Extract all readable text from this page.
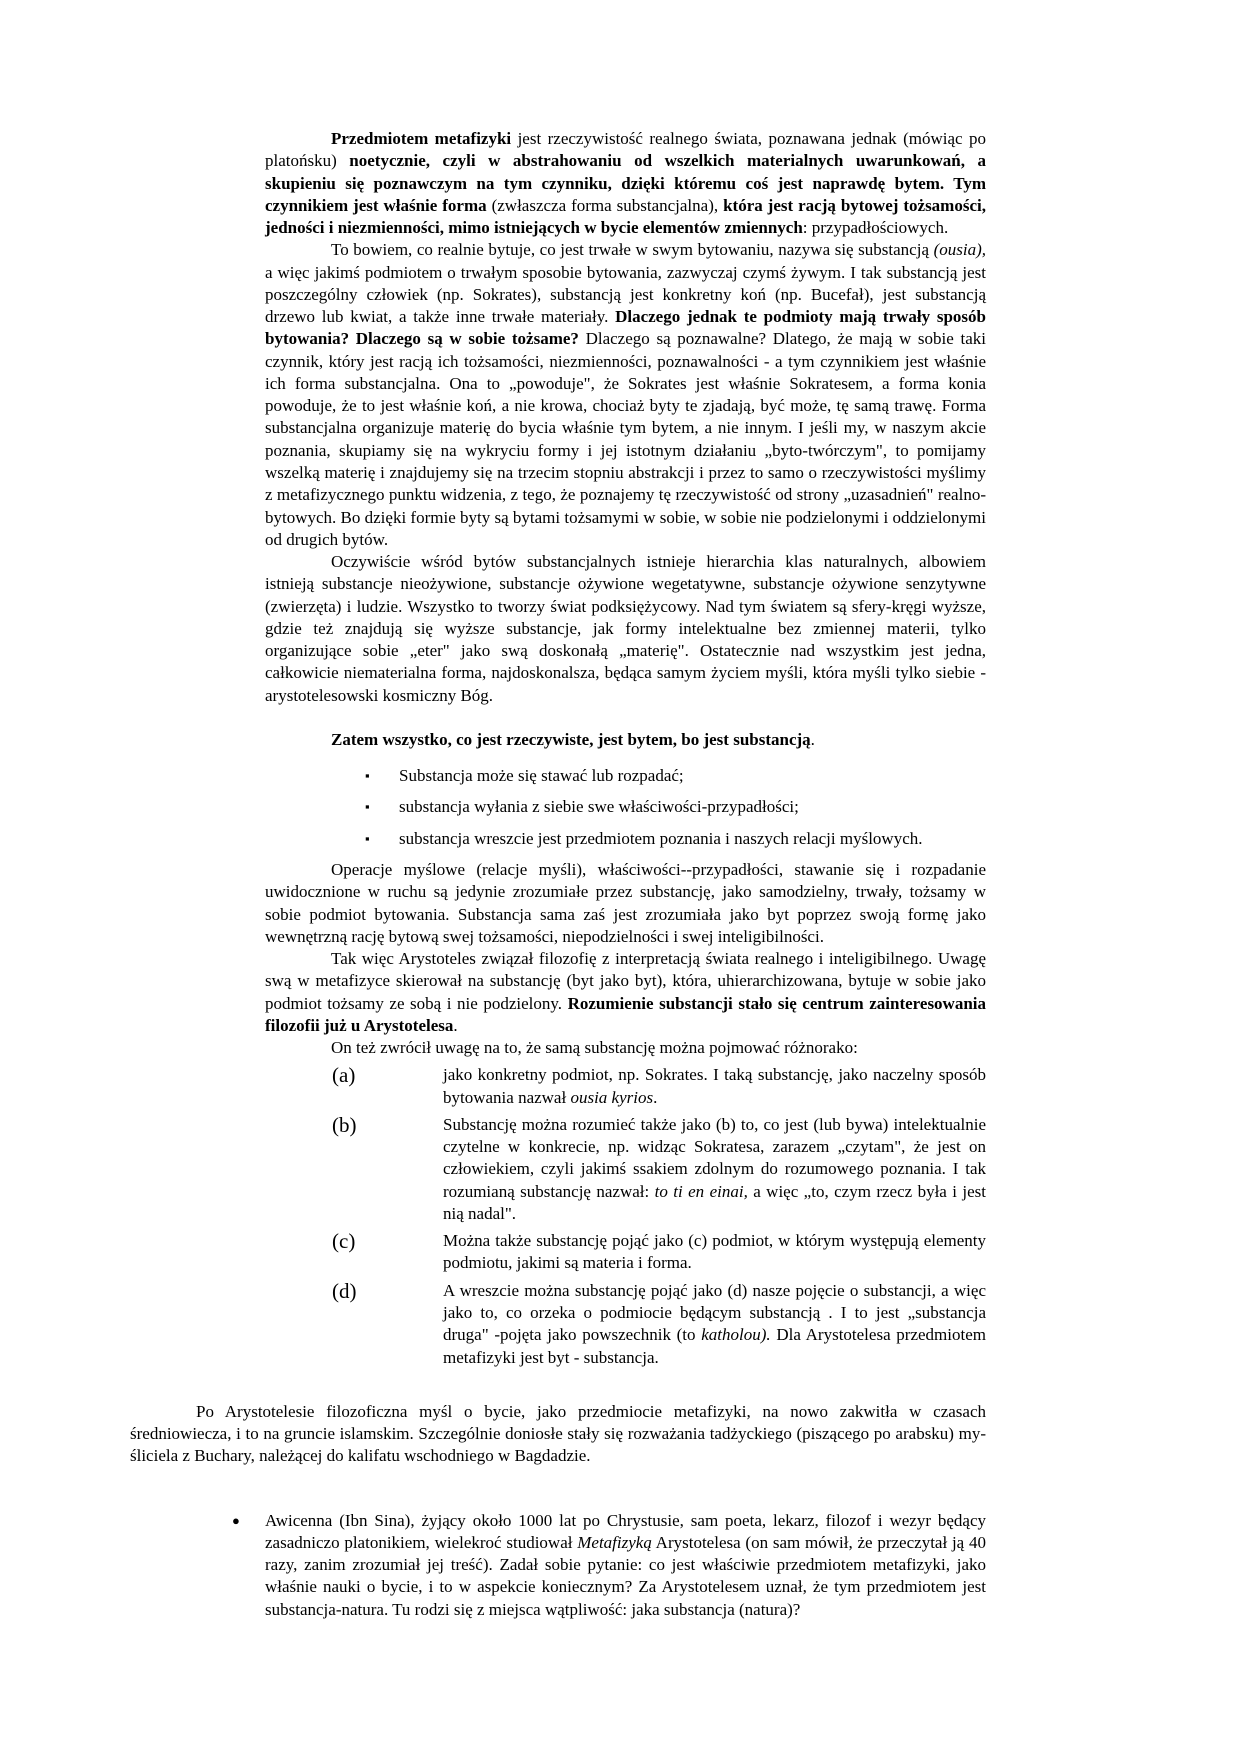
Przedmiotem metafizyki jest rzeczywistość realnego świata, poznawana jednak (mówiąc po platońsku) noetycznie, czyli w abstrahowaniu od wszelkich materialnych uwarunkowań, a skupieniu się poznawczym na tym czynniku, dzięki któremu coś jest naprawdę bytem. Tym czynnikiem jest właśnie forma (zwłaszcza forma substancjalna), która jest racją bytowej tożsamości, jedności i niezmienności, mimo istniejących w bycie elementów zmiennych: przypadłościowych.

To bowiem, co realnie bytuje, co jest trwałe w swym bytowaniu, nazywa się substancją (ousia), a więc jakimś podmiotem o trwałym sposobie bytowania, zazwyczaj czymś żywym. I tak substancją jest poszczególny człowiek (np. Sokrates), substancją jest konkretny koń (np. Bucefał), jest substancją drzewo lub kwiat, a także inne trwałe materiały. Dlaczego jednak te podmioty mają trwały sposób bytowania? Dlaczego są w sobie tożsame? Dlaczego są poznawalne? Dlatego, że mają w sobie taki czynnik, który jest racją ich tożsamości, niezmienności, poznawalności - a tym czynnikiem jest właśnie ich forma substancjalna. Ona to „powoduje", że Sokrates jest właśnie Sokratesem, a forma konia powoduje, że to jest właśnie koń, a nie krowa, chociaż byty te zjadają, być może, tę samą trawę. Forma substancjalna organizuje materię do bycia właśnie tym bytem, a nie innym. I jeśli my, w naszym akcie poznania, skupiamy się na wykryciu formy i jej istotnym działaniu „byto-twórczym", to pomijamy wszelką materię i znajdujemy się na trzecim stopniu abstrakcji i przez to samo o rzeczywistości myślimy z metafizycznego punktu widzenia, z tego, że poznajemy tę rzeczywistość od strony „uzasadnień" realno-bytowych. Bo dzięki formie byty są bytami tożsamymi w sobie, w sobie nie podzielonymi i oddzielonymi od drugich bytów.

Oczywiście wśród bytów substancjalnych istnieje hierarchia klas naturalnych, albowiem istnieją substancje nieożywione, substancje ożywione wegetatywne, substancje ożywione senzytywne (zwierzęta) i ludzie. Wszystko to tworzy świat podksiężycowy. Nad tym światem są sfery-kręgi wyższe, gdzie też znajdują się wyższe substancje, jak formy intelektualne bez zmiennej materii, tylko organizujące sobie „eter" jako swą doskonałą „materię". Ostatecznie nad wszystkim jest jedna, całkowicie niematerialna forma, najdoskonalsza, będąca samym życiem myśli, która myśli tylko siebie - arystotelesowski kosmiczny Bóg.

Zatem wszystko, co jest rzeczywiste, jest bytem, bo jest substancją.

▪	Substancja może się stawać lub rozpadać;
▪	substancja wyłania z siebie swe właściwości-przypadłości;
▪	substancja wreszcie jest przedmiotem poznania i naszych relacji myślowych.

Operacje myślowe (relacje myśli), właściwości--przypadłości, stawanie się i rozpadanie uwidocznione w ruchu są jedynie zrozumiałe przez substancję, jako samodzielny, trwały, tożsamy w sobie podmiot bytowania. Substancja sama zaś jest zrozumiała jako byt poprzez swoją formę jako wewnętrzną rację bytową swej tożsamości, niepodzielności i swej inteligibilności.

Tak więc Arystoteles związał filozofię z interpretacją świata realnego i inteligibilnego. Uwagę swą w metafizyce skierował na substancję (byt jako byt), która, uhierarchizowana, bytuje w sobie jako podmiot tożsamy ze sobą i nie podzielony. Rozumienie substancji stało się centrum zainteresowania filozofii już u Arystotelesa.

On też zwrócił uwagę na to, że samą substancję można pojmować różnorako:

(a)	jako konkretny podmiot, np. Sokrates. I taką substancję, jako naczelny sposób bytowania nazwał ousia kyrios.
(b)	Substancję można rozumieć także jako (b) to, co jest (lub bywa) intelektualnie czytelne w konkrecie, np. widząc Sokratesa, zarazem „czytam", że jest on człowiekiem, czyli jakimś ssakiem zdolnym do rozumowego poznania. I tak rozumianą substancję nazwał: to ti en einai, a więc „to, czym rzecz była i jest nią nadal".
(c)	Można także substancję pojąć jako (c) podmiot, w którym występują elementy podmiotu, jakimi są materia i forma.
(d)	A wreszcie można substancję pojąć jako (d) nasze pojęcie o substancji, a więc jako to, co orzeka o podmiocie będącym substancją . I to jest „substancja druga" -pojęta jako powszechnik (to katholou). Dla Arystotelesa przedmiotem metafizyki jest byt - substancja.

Po Arystotelesie filozoficzna myśl o bycie, jako przedmiocie metafizyki, na nowo zakwitła w czasach średniowiecza, i to na gruncie islamskim. Szczególnie doniosłe stały się rozważania tadżyckiego (piszącego po arabsku) my-śliciela z Buchary, należącej do kalifatu wschodniego w Bagdadzie.

●	Awicenna (Ibn Sina), żyjący około 1000 lat po Chrystusie, sam poeta, lekarz, filozof i wezyr będący zasadniczo platonikiem, wielekroć studiował Metafizyką Arystotelesa (on sam mówił, że przeczytał ją 40 razy, zanim zrozumiał jej treść). Zadał sobie pytanie: co jest właściwie przedmiotem metafizyki, jako właśnie nauki o bycie, i to w aspekcie koniecznym? Za Arystotelesem uznał, że tym przedmiotem jest substancja-natura. Tu rodzi się z miejsca wątpliwość: jaka substancja (natura)?
